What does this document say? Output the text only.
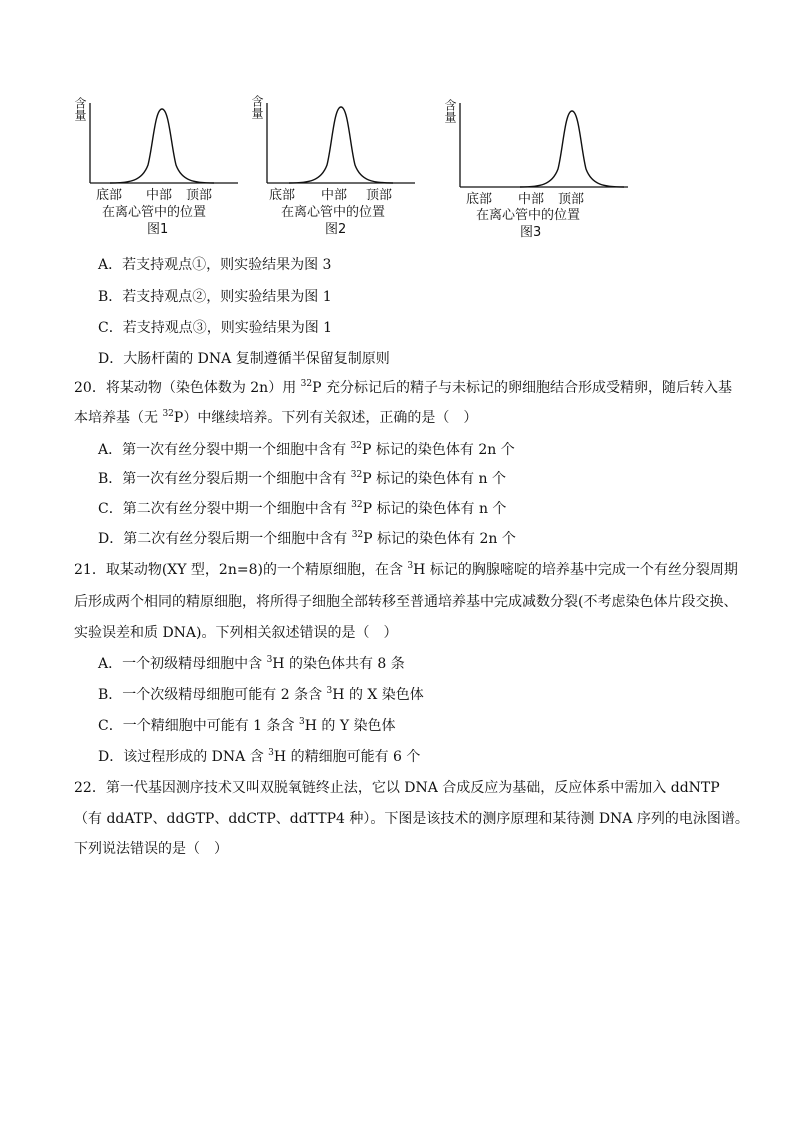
含量
底部 中部 顶部
在离心管中的位置
图1
含量
底部 中部 顶部
在离心管中的位置
图2
含量
底部 中部 顶部
在离心管中的位置
图3
A．若支持观点①，则实验结果为图 3
B．若支持观点②，则实验结果为图 1
C．若支持观点③，则实验结果为图 1
D．大肠杆菌的 DNA 复制遵循半保留复制原则
20．将某动物（染色体数为 2n）用 $^{32}$P 充分标记后的精子与未标记的卵细胞结合形成受精卵，随后转入基
本培养基（无 $^{32}$P）中继续培养。下列有关叙述，正确的是（　）
A．第一次有丝分裂中期一个细胞中含有 $^{32}$P 标记的染色体有 2n 个
B．第一次有丝分裂后期一个细胞中含有 $^{32}$P 标记的染色体有 n 个
C．第二次有丝分裂中期一个细胞中含有 $^{32}$P 标记的染色体有 n 个
D．第二次有丝分裂后期一个细胞中含有 $^{32}$P 标记的染色体有 2n 个
21．取某动物(XY 型，2n=8)的一个精原细胞，在含 $^3$H 标记的胸腺嘧啶的培养基中完成一个有丝分裂周期
后形成两个相同的精原细胞，将所得子细胞全部转移至普通培养基中完成减数分裂(不考虑染色体片段交换、
实验误差和质 DNA)。下列相关叙述错误的是（　）
A．一个初级精母细胞中含 $^3$H 的染色体共有 8 条
B．一个次级精母细胞可能有 2 条含 $^3$H 的 X 染色体
C．一个精细胞中可能有 1 条含 $^3$H 的 Y 染色体
D．该过程形成的 DNA 含 $^3$H 的精细胞可能有 6 个
22．第一代基因测序技术又叫双脱氧链终止法，它以 DNA 合成反应为基础，反应体系中需加入 ddNTP
（有 ddATP、ddGTP、ddCTP、ddTTP4 种）。下图是该技术的测序原理和某待测 DNA 序列的电泳图谱。
下列说法错误的是（　）
